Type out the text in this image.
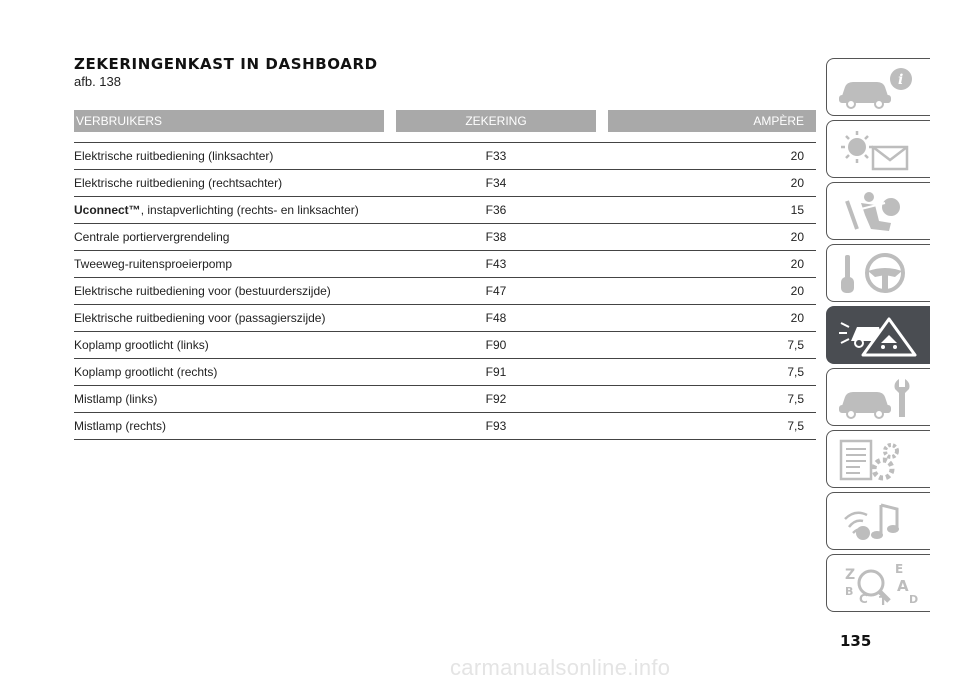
ZEKERINGENKAST IN DASHBOARD
afb. 138
VERBRUIKERS	ZEKERING	AMPÈRE
Elektrische ruitbediening (linksachter)	F33	20
Elektrische ruitbediening (rechtsachter)	F34	20
Uconnect™, instapverlichting (rechts- en linksachter)	F36	15
Centrale portiervergrendeling	F38	20
Tweeweg-ruitensproeierpomp	F43	20
Elektrische ruitbediening voor (bestuurderszijde)	F47	20
Elektrische ruitbediening voor (passagierszijde)	F48	20
Koplamp grootlicht (links)	F90	7,5
Koplamp grootlicht (rechts)	F91	7,5
Mistlamp (links)	F92	7,5
Mistlamp (rechts)	F93	7,5
i
Z	E B	A C	DT
135
carmanualsonline.info
